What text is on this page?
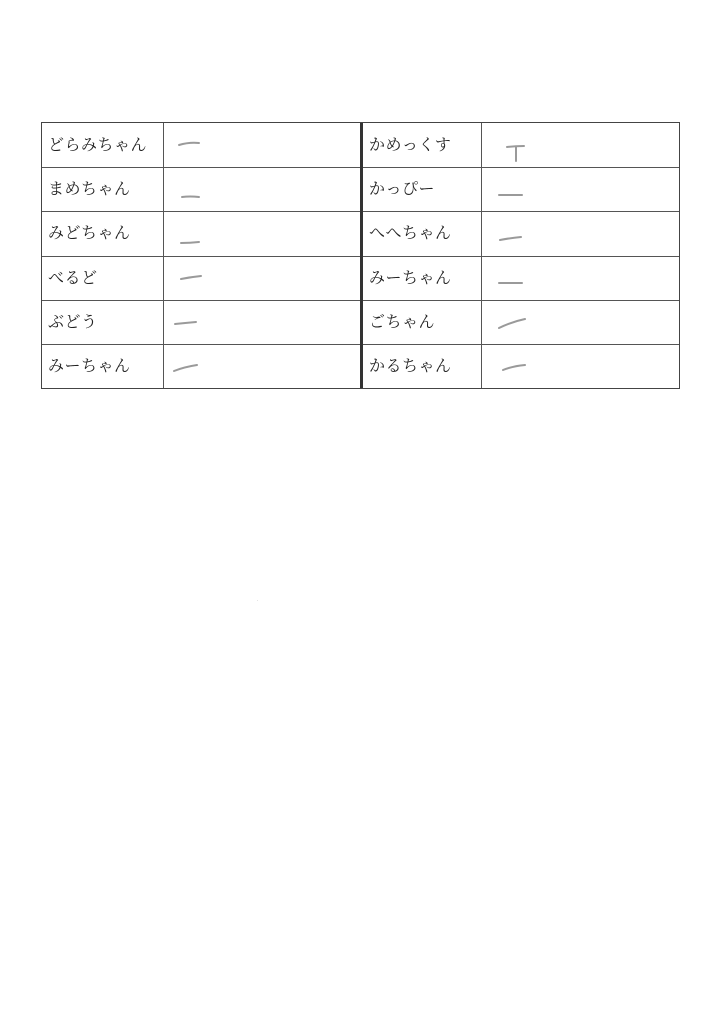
どらみちゃん
まめちゃん
みどちゃん
べるど
ぶどう
みーちゃん
かめっくす
かっぴー
へへちゃん
みーちゃん
ごちゃん
かるちゃん
